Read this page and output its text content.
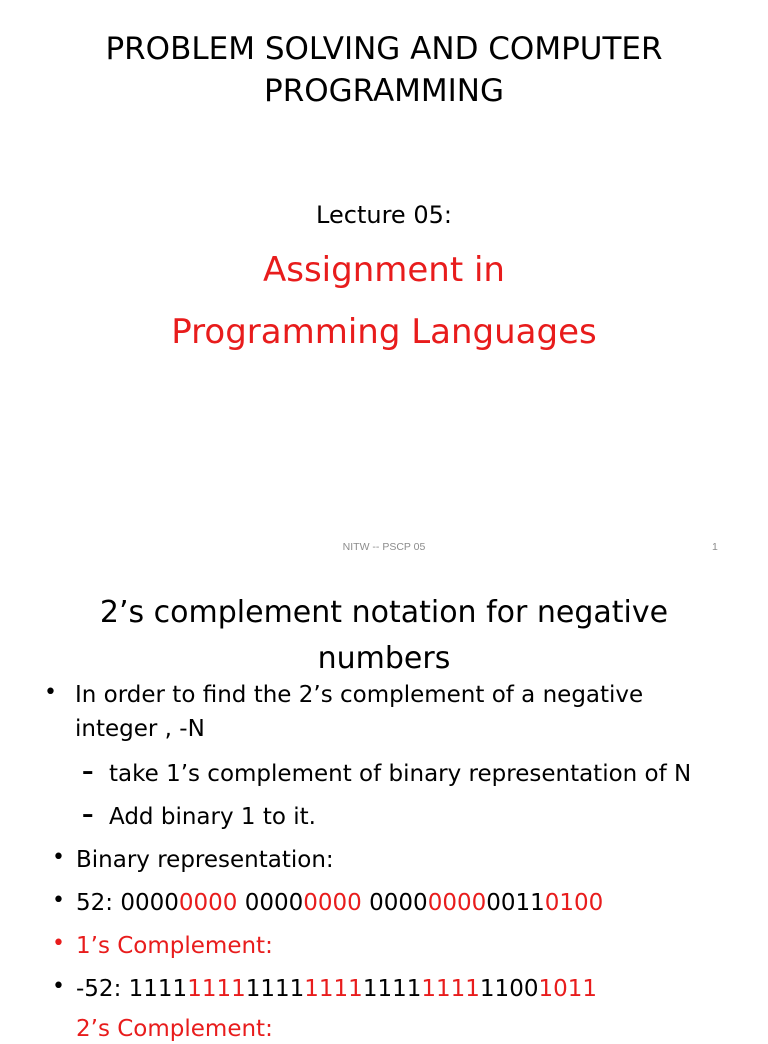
PROBLEM SOLVING AND COMPUTER
PROGRAMMING
Lecture 05:
Assignment in
Programming Languages
NITW -- PSCP 05	1
2’s complement notation for negative
numbers
• In order to find the 2’s complement of a negative
integer , -N
– take 1’s complement of binary representation of N
– Add binary 1 to it.
• Binary representation:
• 52: 00000000 00000000 0000000000110100
• 1’s Complement:
• -52: 11111111111111111111111111001011
2’s Complement:
